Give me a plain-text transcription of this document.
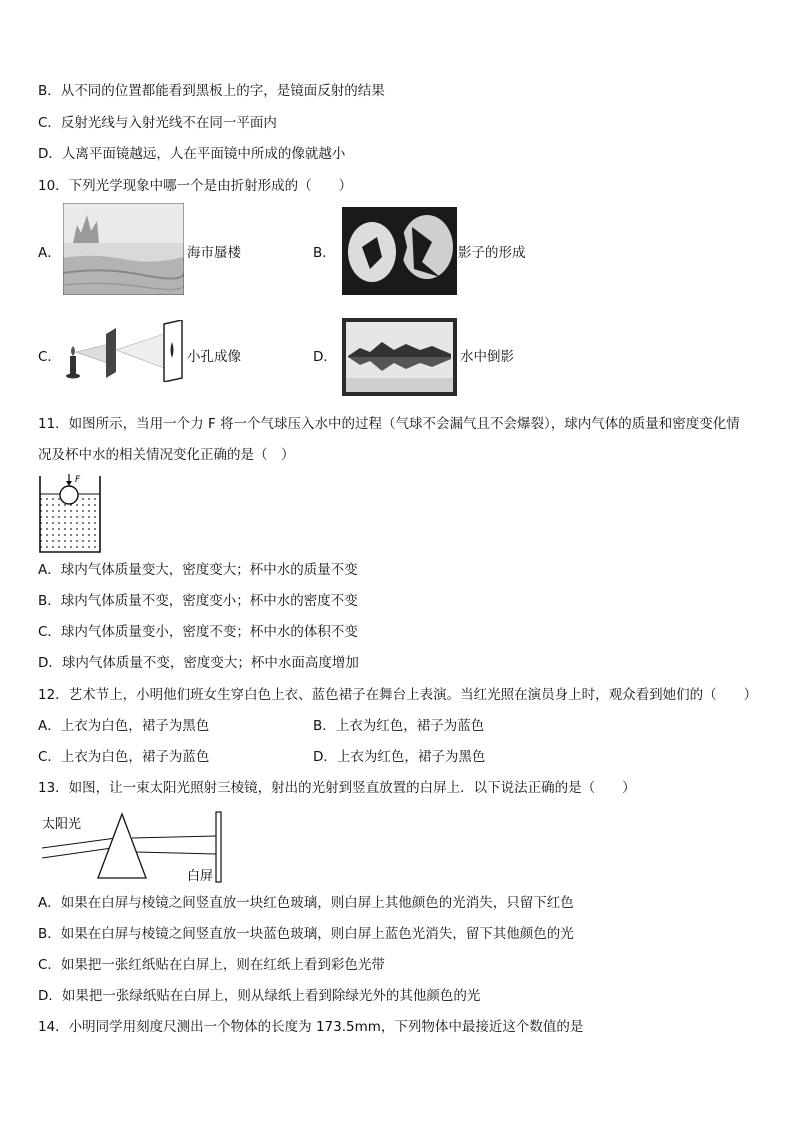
B．从不同的位置都能看到黑板上的字，是镜面反射的结果
C．反射光线与入射光线不在同一平面内
D．人离平面镜越远，人在平面镜中所成的像就越小
10．下列光学现象中哪一个是由折射形成的（　　）
A．	海市蜃楼	B．	影子的形成
C．	小孔成像	D．	水中倒影
11．如图所示，当用一个力 F 将一个气球压入水中的过程（气球不会漏气且不会爆裂），球内气体的质量和密度变化情
况及杯中水的相关情况变化正确的是（　）
F
A．球内气体质量变大，密度变大；杯中水的质量不变
B．球内气体质量不变，密度变小；杯中水的密度不变
C．球内气体质量变小，密度不变；杯中水的体积不变
D．球内气体质量不变，密度变大；杯中水面高度增加
12．艺术节上，小明他们班女生穿白色上衣、蓝色裙子在舞台上表演。当红光照在演员身上时，观众看到她们的（　　）
A．上衣为白色，裙子为黑色	B．上衣为红色，裙子为蓝色
C．上衣为白色，裙子为蓝色	D．上衣为红色，裙子为黑色
13．如图，让一束太阳光照射三棱镜，射出的光射到竖直放置的白屏上．以下说法正确的是（　　）
太阳光
白屏
A．如果在白屏与棱镜之间竖直放一块红色玻璃，则白屏上其他颜色的光消失，只留下红色
B．如果在白屏与棱镜之间竖直放一块蓝色玻璃，则白屏上蓝色光消失，留下其他颜色的光
C．如果把一张红纸贴在白屏上，则在红纸上看到彩色光带
D．如果把一张绿纸贴在白屏上，则从绿纸上看到除绿光外的其他颜色的光
14．小明同学用刻度尺测出一个物体的长度为 173.5mm，下列物体中最接近这个数值的是
